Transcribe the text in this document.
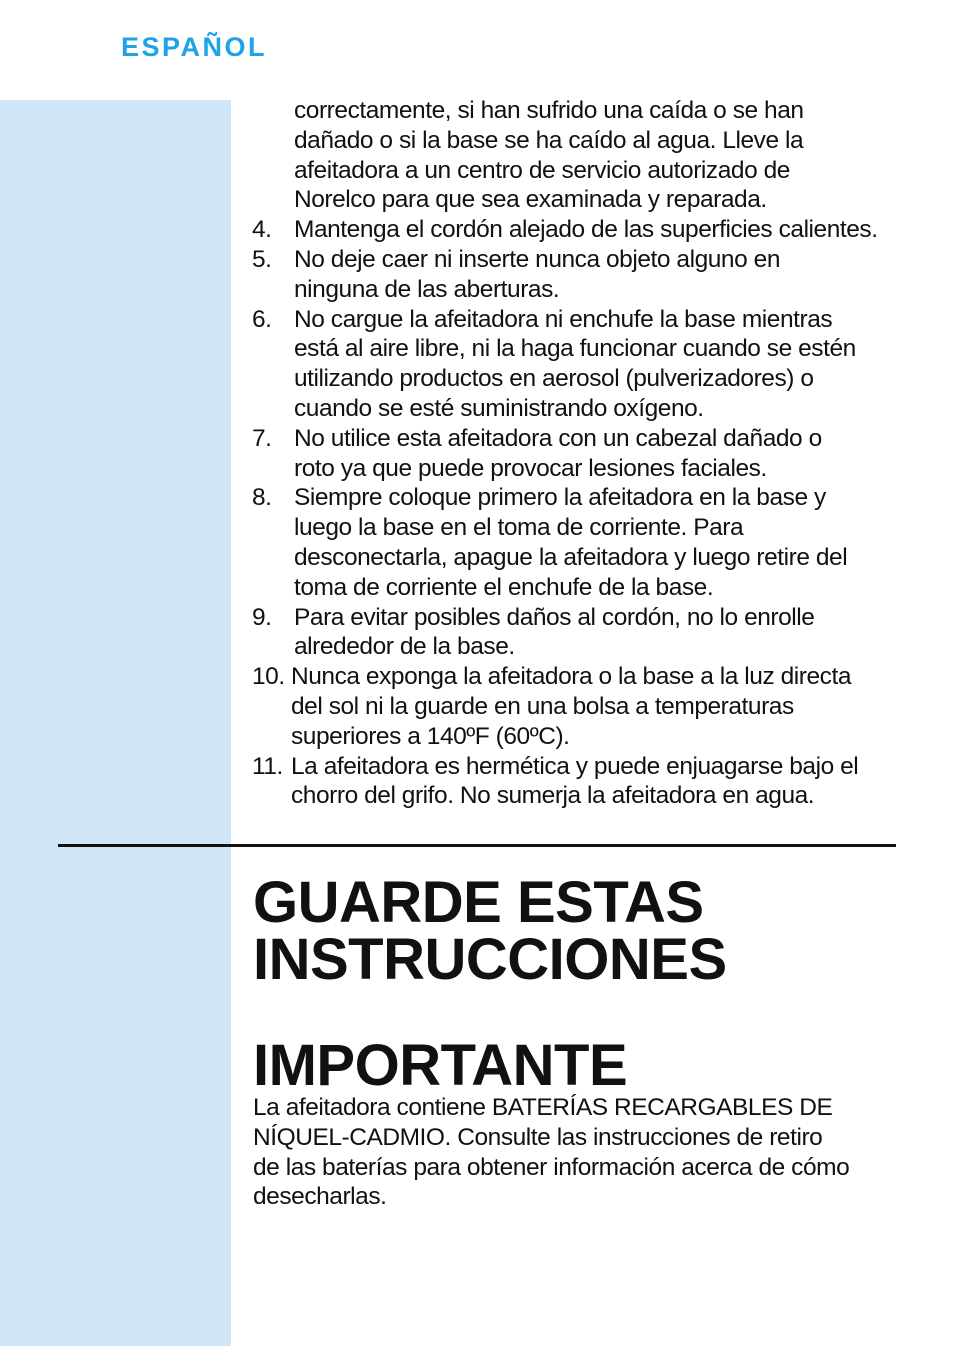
ESPAÑOL
correctamente, si han sufrido una caída o se han
dañado o si la base se ha caído al agua. Lleve la
afeitadora a un centro de servicio autorizado de
Norelco para que sea examinada y reparada.
4. Mantenga el cordón alejado de las superficies calientes.
5. No deje caer ni inserte nunca objeto alguno en
ninguna de las aberturas.
6. No cargue la afeitadora ni enchufe la base mientras
está al aire libre, ni la haga funcionar cuando se estén
utilizando productos en aerosol (pulverizadores) o
cuando se esté suministrando oxígeno.
7. No utilice esta afeitadora con un cabezal dañado o
roto ya que puede provocar lesiones faciales.
8. Siempre coloque primero la afeitadora en la base y
luego la base en el toma de corriente. Para
desconectarla, apague la afeitadora y luego retire del
toma de corriente el enchufe de la base.
9. Para evitar posibles daños al cordón, no lo enrolle
alrededor de la base.
10. Nunca exponga la afeitadora o la base a la luz directa
del sol ni la guarde en una bolsa a temperaturas
superiores a 140ºF (60ºC).
11. La afeitadora es hermética y puede enjuagarse bajo el
chorro del grifo. No sumerja la afeitadora en agua.
GUARDE ESTAS
INSTRUCCIONES
IMPORTANTE
La afeitadora contiene BATERÍAS RECARGABLES DE
NÍQUEL-CADMIO. Consulte las instrucciones de retiro
de las baterías para obtener información acerca de cómo
desecharlas.
